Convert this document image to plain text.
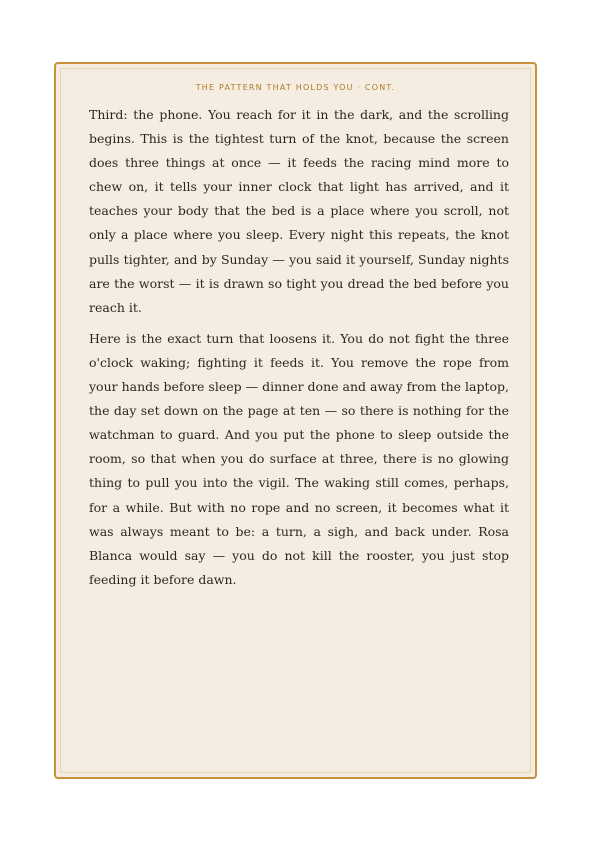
THE PATTERN THAT HOLDS YOU · CONT.

Third: the phone. You reach for it in the dark, and the scrolling begins. This is the tightest turn of the knot, because the screen does three things at once — it feeds the racing mind more to chew on, it tells your inner clock that light has arrived, and it teaches your body that the bed is a place where you scroll, not only a place where you sleep. Every night this repeats, the knot pulls tighter, and by Sunday — you said it yourself, Sunday nights are the worst — it is drawn so tight you dread the bed before you reach it.

Here is the exact turn that loosens it. You do not fight the three o'clock waking; fighting it feeds it. You remove the rope from your hands before sleep — dinner done and away from the laptop, the day set down on the page at ten — so there is nothing for the watchman to guard. And you put the phone to sleep outside the room, so that when you do surface at three, there is no glowing thing to pull you into the vigil. The waking still comes, perhaps, for a while. But with no rope and no screen, it becomes what it was always meant to be: a turn, a sigh, and back under. Rosa Blanca would say — you do not kill the rooster, you just stop feeding it before dawn.
